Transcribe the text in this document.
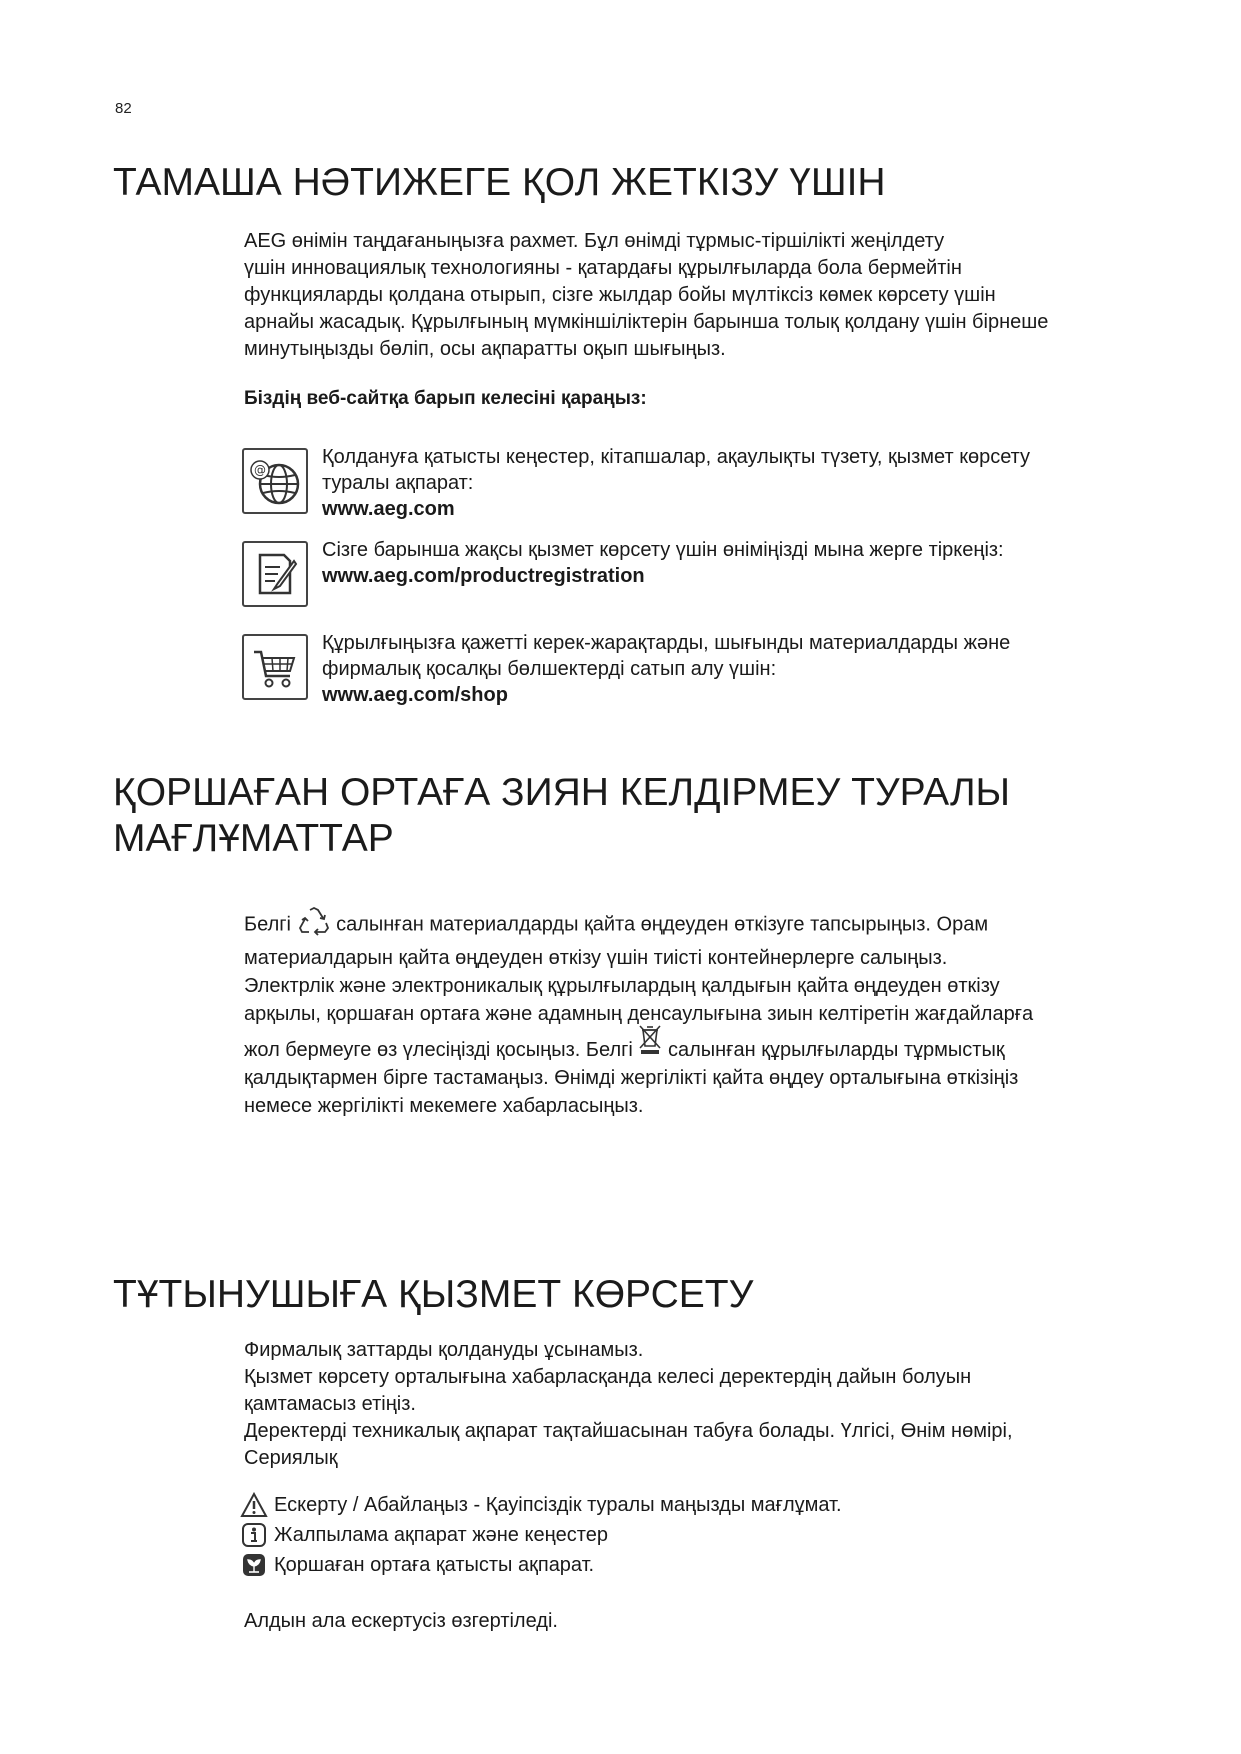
82
ТАМАША НӘТИЖЕГЕ ҚОЛ ЖЕТКІЗУ ҮШІН

AEG өнімін таңдағаныңызға рахмет. Бұл өнімді тұрмыс-тіршілікті жеңілдету

үшін инновациялық технологияны - қатардағы құрылғыларда бола бермейтін

функцияларды қолдана отырып, сізге жылдар бойы мүлтіксіз көмек көрсету үшін

арнайы жасадық. Құрылғының мүмкіншіліктерін барынша толық қолдану үшін бірнеше

минутыңызды бөліп, осы ақпаратты оқып шығыңыз.

Біздің веб-сайтқа барып келесіні қараңыз:
@
Қолдануға қатысты кеңестер, кітапшалар, ақаулықты түзету, қызмет көрсету
туралы ақпарат:
www.aeg.com
Сізге барынша жақсы қызмет көрсету үшін өніміңізді мына жерге тіркеңіз:
www.aeg.com/productregistration
Құрылғыңызға қажетті керек-жарақтарды, шығынды материалдарды және
фирмалық қосалқы бөлшектерді сатып алу үшін:
www.aeg.com/shop
ҚОРШАҒАН ОРТАҒА ЗИЯН КЕЛДІРМЕУ ТУРАЛЫ
МАҒЛҰМАТТАР

Белгі салынған материалдарды қайта өңдеуден өткізуге тапсырыңыз. Орам

материалдарын қайта өңдеуден өткізу үшін тиісті контейнерлерге салыңыз.

Электрлік және электроникалық құрылғылардың қалдығын қайта өңдеуден өткізу

арқылы, қоршаған ортаға және адамның денсаулығына зиын келтіретін жағдайларға

жол бермеуге өз үлесіңізді қосыңыз. Белгі салынған құрылғыларды тұрмыстық

қалдықтармен бірге тастамаңыз. Өнімді жергілікті қайта өңдеу орталығына өткізіңіз

немесе жергілікті мекемеге хабарласыңыз.

ТҰТЫНУШЫҒА ҚЫЗМЕТ КӨРСЕТУ

Фирмалық заттарды қолдануды ұсынамыз.

Қызмет көрсету орталығына хабарласқанда келесі деректердің дайын болуын

қамтамасыз етіңіз.

Деректерді техникалық ақпарат тақтайшасынан табуға болады. Үлгісі, Өнім нөмірі,

Сериялық

Ескерту / Абайлаңыз - Қауіпсіздік туралы маңызды мағлұмат.
Жалпылама ақпарат және кеңестер
Қоршаған ортаға қатысты ақпарат.
Алдын ала ескертусіз өзгертіледі.
